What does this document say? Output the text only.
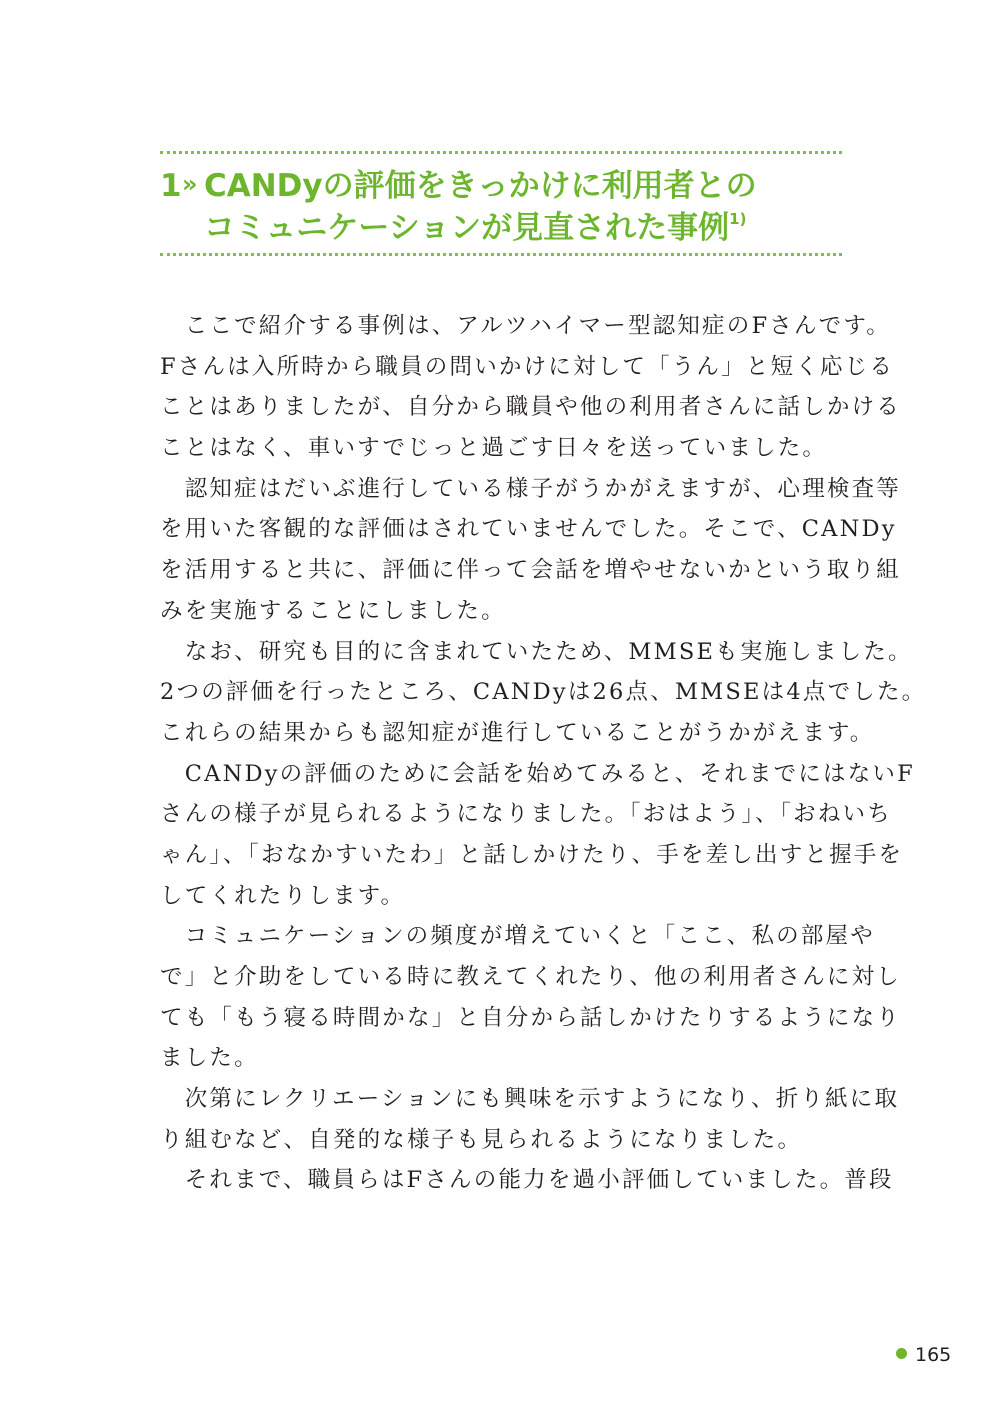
1» CANDyの評価をきっかけに利用者との
コミュニケーションが見直された事例$^{1)}$
　ここで紹介する事例は、アルツハイマー型認知症のFさんです。
Fさんは入所時から職員の問いかけに対して「うん」と短く応じる
ことはありましたが、自分から職員や他の利用者さんに話しかける
ことはなく、車いすでじっと過ごす日々を送っていました。
　認知症はだいぶ進行している様子がうかがえますが、心理検査等
を用いた客観的な評価はされていませんでした。そこで、CANDy
を活用すると共に、評価に伴って会話を増やせないかという取り組
みを実施することにしました。
　なお、研究も目的に含まれていたため、MMSEも実施しました。
2つの評価を行ったところ、CANDyは26点、MMSEは4点でした。
これらの結果からも認知症が進行していることがうかがえます。
　CANDyの評価のために会話を始めてみると、それまでにはないF
さんの様子が見られるようになりました。「おはよう」、「おねいち
ゃん」、「おなかすいたわ」と話しかけたり、手を差し出すと握手を
してくれたりします。
　コミュニケーションの頻度が増えていくと「ここ、私の部屋や
で」と介助をしている時に教えてくれたり、他の利用者さんに対し
ても「もう寝る時間かな」と自分から話しかけたりするようになり
ました。
　次第にレクリエーションにも興味を示すようになり、折り紙に取
り組むなど、自発的な様子も見られるようになりました。
　それまで、職員らはFさんの能力を過小評価していました。普段
165
